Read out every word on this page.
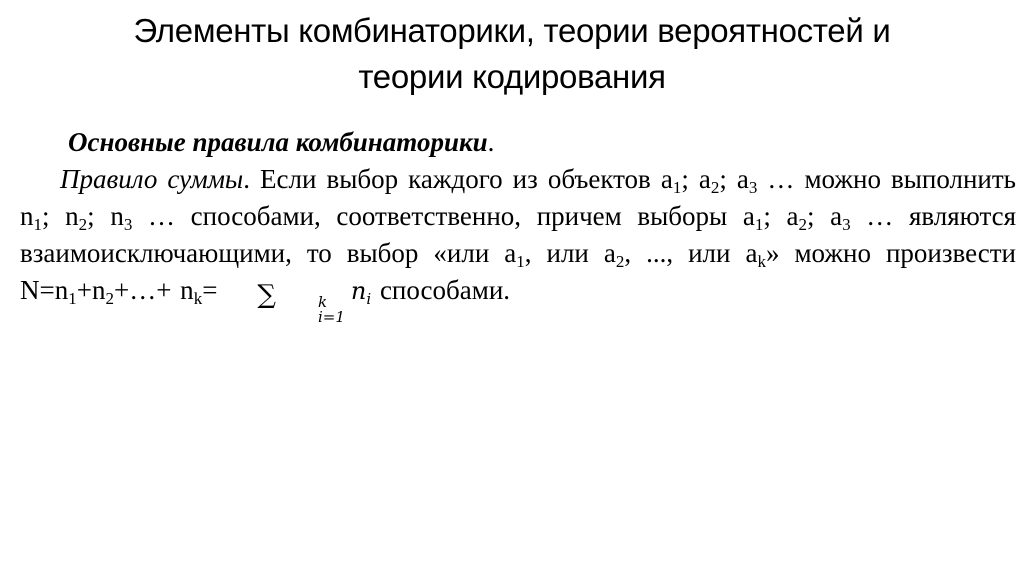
Элементы комбинаторики, теории вероятностей и
теории кодирования
Основные правила комбинаторики.
Правило суммы. Если выбор каждого из объектов $a_1$; $a_2$; $a_3$ … можно выполнить $n_1$; $n_2$; $n_3$ … способами, соответственно, причем выборы $a_1$; $a_2$; $a_3$ … являются взаимоисключающими, то выбор «или $a_1$, или $a_2$, ..., или $a_k$» можно произвести $N=n_1+n_2+\dots+ n_k=$ ∑	k
i=1
$n_i$ способами.
